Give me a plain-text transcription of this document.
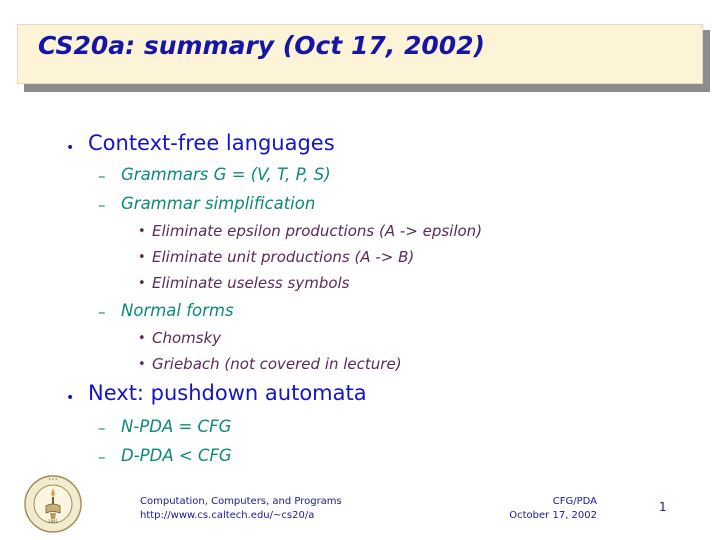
CS20a: summary (Oct 17, 2002)
• Context-free languages
– Grammars G = (V, T, P, S)
– Grammar simplification
• Eliminate epsilon productions (A -> epsilon)
• Eliminate unit productions (A -> B)
• Eliminate useless symbols
– Normal forms
• Chomsky
• Griebach (not covered in lecture)
• Next: pushdown automata
– N-PDA = CFG
– D-PDA < CFG
* * *
1891
Computation, Computers, and Programs
http://www.cs.caltech.edu/~cs20/a
CFG/PDA
October 17, 2002
1
